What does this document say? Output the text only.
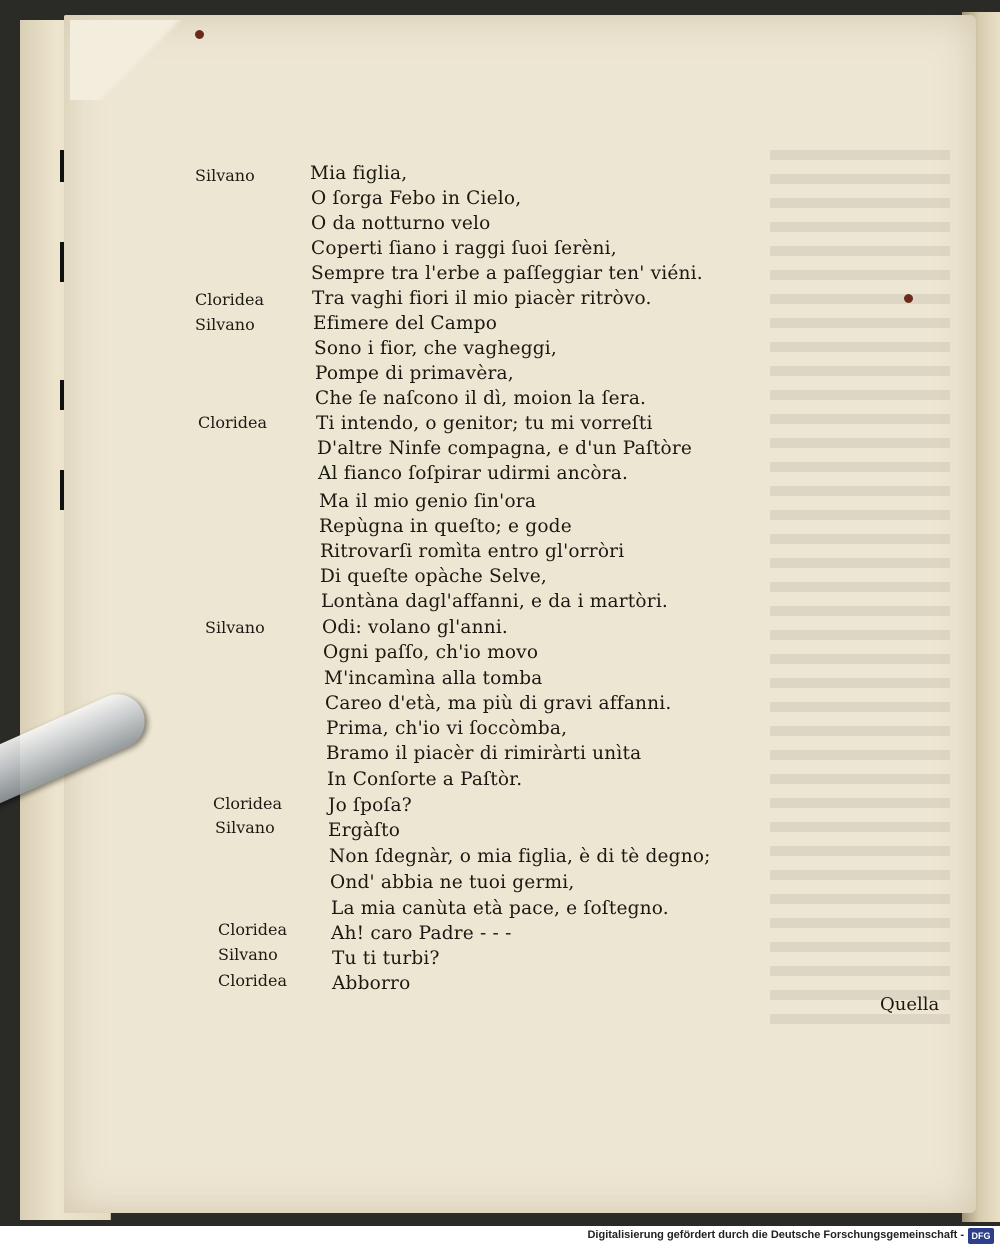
Silvano
Cloridea
Silvano
Cloridea
Silvano
Cloridea
Silvano
Cloridea
Silvano
Cloridea
Mia figlia,
O ſorga Febo in Cielo,
O da notturno velo
Coperti ſiano i raggi ſuoi ſerèni,
Sempre tra l'erbe a paſſeggiar ten' viéni.
Tra vaghi fiori il mio piacèr ritròvo.
Efimere del Campo
Sono i fior, che vagheggi,
Pompe di primavèra,
Che ſe naſcono il dì, moion la ſera.
Ti intendo, o genitor; tu mi vorreſti
D'altre Ninfe compagna, e d'un Paſtòre
Al fianco ſoſpirar udirmi ancòra.
Ma il mio genio ſin'ora
Repùgna in queſto; e gode
Ritrovarſi romìta entro gl'orròri
Di queſte opàche Selve,
Lontàna dagl'affanni, e da i martòri.
Odi: volano gl'anni.
Ogni paſſo, ch'io movo
M'incamìna alla tomba
Careo d'età, ma più di gravi affanni.
Prima, ch'io vi ſoccòmba,
Bramo il piacèr di rimiràrti unìta
In Conſorte a Paſtòr.
Jo ſpoſa?
Ergàſto
Non ſdegnàr, o mia figlia, è di tè degno;
Ond' abbia ne tuoi germi,
La mia canùta età pace, e ſoſtegno.
Ah! caro Padre - - -
Tu ti turbi?
Abborro
Quella
Digitalisierung gefördert durch die Deutsche Forschungsgemeinschaft - DFG
